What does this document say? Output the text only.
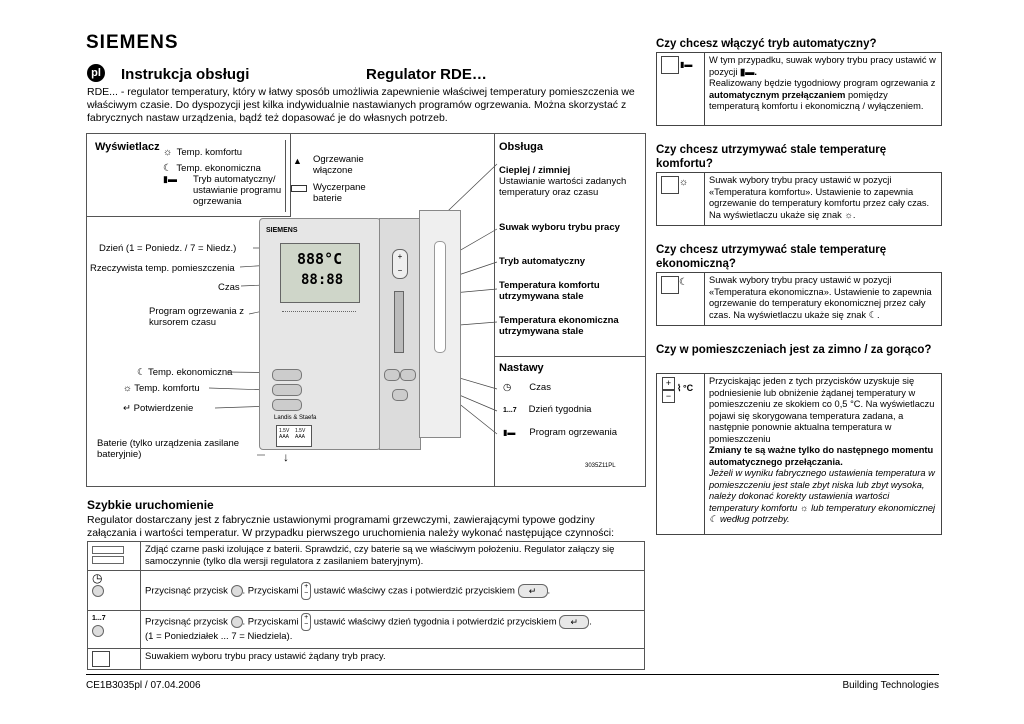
SIEMENS
pl Instrukcja obsługi	Regulator RDE…
RDE... - regulator temperatury, który w łatwy sposób umożliwia zapewnienie właściwej temperatury pomieszczenia we właściwym czasie. Do dyspozycji jest kilka indywidualnie nastawianych programów ogrzewania. Można skorzystać z fabrycznych nastaw urządzenia, bądź też dopasować je do własnych potrzeb.
Wyświetlacz ☼ Temp. komfortu
☾ Temp. ekonomiczna
▮▬ Tryb automatyczny/ ustawianie programu ogrzewania
▲ Ogrzewanie włączone
Wyczerpane baterie
Dzień (1 = Poniedz. / 7 = Niedz.)
Rzeczywista temp. pomieszczenia
Czas
Program ogrzewania z kursorem czasu
☾ Temp. ekonomiczna
☼ Temp. komfortu
↵ Potwierdzenie
Baterie (tylko urządzenia zasilane bateryjnie)
SIEMENS
888°C
88:88
Landis & Staefa
1.5V AAA
1.5V AAA
↓
+
−
Obsługa
Cieplej / zimniej
Ustawianie wartości zadanych temperatury oraz czasu
Suwak wyboru trybu pracy
Tryb automatyczny
Temperatura komfortu utrzymywana stale
Temperatura ekonomiczna utrzymywana stale
Nastawy
◷ Czas
1...7 Dzień tygodnia
▮▬ Program ogrzewania
3035Z11PL
Szybkie uruchomienie
Regulator dostarczany jest z fabrycznie ustawionymi programami grzewczymi, zawierającymi typowe godziny załączania i wartości temperatur. W przypadku pierwszego uruchomienia należy wykonać następujące czynności:
	Zdjąć czarne paski izolujące z baterii. Sprawdzić, czy baterie są we właściwym położeniu. Regulator załączy się samoczynnie (tylko dla wersji regulatora z zasilaniem bateryjnym).

◷	Przycisnąć przycisk . Przyciskami +
− ustawić właściwy czas i potwierdzić przyciskiem ↵ .

1...7	Przycisnąć przycisk . Przyciskami +
− ustawić właściwy dzień tygodnia i potwierdzić przyciskiem ↵ .
(1 = Poniedziałek ... 7 = Niedziela).

	Suwakiem wyboru trybu pracy ustawić żądany tryb pracy.
Czy chcesz włączyć tryb automatyczny?
▮▬	W tym przypadku, suwak wybory trybu pracy ustawić w pozycji ▮▬.
Realizowany będzie tygodniowy program ogrzewania z automatycznym przełączaniem pomiędzy temperaturą komfortu i ekonomiczną / wyłączeniem.
Czy chcesz utrzymywać stale temperaturę komfortu?
☼	Suwak wybory trybu pracy ustawić w pozycji «Temperatura komfortu». Ustawienie to zapewnia ogrzewanie do temperatury komfortu przez cały czas. Na wyświetlaczu ukaże się znak ☼.
Czy chcesz utrzymywać stale temperaturę ekonomiczną?
☾	Suwak wybory trybu pracy ustawić w pozycji «Temperatura ekonomiczna». Ustawienie to zapewnia ogrzewanie do temperatury ekonomicznej przez cały czas. Na wyświetlaczu ukaże się znak ☾.
Czy w pomieszczeniach jest za zimno / za gorąco?
+
−
⌇ °C
Przyciskając jeden z tych przycisków uzyskuje się podniesienie lub obniżenie żądanej temperatury w pomieszczeniu ze skokiem co 0,5 °C. Na wyświetlaczu pojawi się skorygowana temperatura zadana, a następnie ponownie aktualna temperatura w pomieszczeniu
Zmiany te są ważne tylko do następnego momentu automatycznego przełączania.
Jeżeli w wyniku fabrycznego ustawienia temperatura w pomieszczeniu jest stale zbyt niska lub zbyt wysoka, należy dokonać korekty ustawienia wartości temperatury komfortu ☼ lub temperatury ekonomicznej ☾ według potrzeby.
CE1B3035pl / 07.04.2006	Building Technologies
